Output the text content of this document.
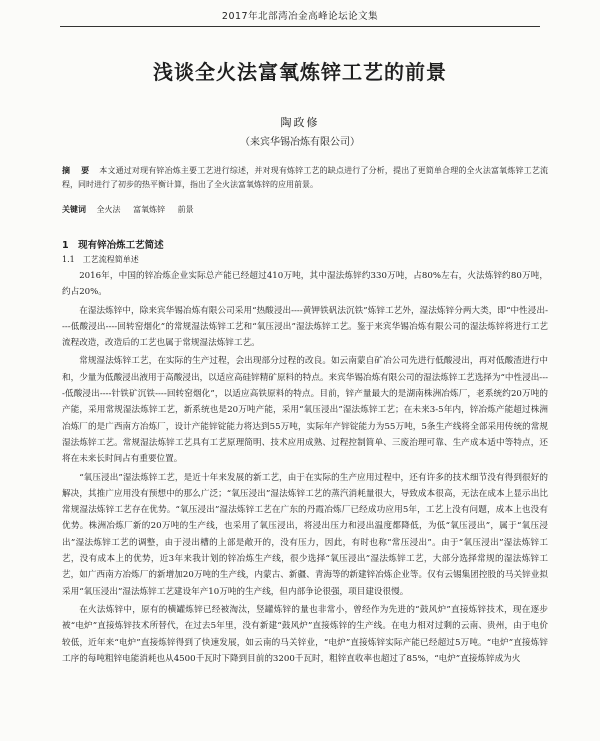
2017年北部湾冶金高峰论坛论文集
浅谈全火法富氧炼锌工艺的前景
陶政修
（来宾华锡冶炼有限公司）
摘 要 本文通过对现有锌冶炼主要工艺进行综述，并对现有炼锌工艺的缺点进行了分析，提出了更简单合理的全火法富氧炼锌工艺流程，同时进行了初步的热平衡计算，指出了全火法富氧炼锌的应用前景。
关键词 全火法 富氧炼锌 前景
1　现有锌冶炼工艺简述
1.1　工艺流程简单述

2016年，中国的锌冶炼企业实际总产能已经超过410万吨，其中湿法炼锌约330万吨，占80%左右，火法炼锌约80万吨，约占20%。

在湿法炼锌中，除来宾华锡冶炼有限公司采用“热酸浸出----黄钾铁矾法沉铁”炼锌工艺外，湿法炼锌分两大类，即“中性浸出----低酸浸出----回转窑烟化”的常规湿法炼锌工艺和“氧压浸出”湿法炼锌工艺。鉴于来宾华锡冶炼有限公司的湿法炼锌将进行工艺流程改造，改造后的工艺也属于常规湿法炼锌工艺。

常规湿法炼锌工艺，在实际的生产过程，会出现部分过程的改良。如云南蒙自矿冶公司先进行低酸浸出，再对低酸渣进行中和，少量为低酸浸出液用于高酸浸出，以适应高硅锌精矿原料的特点。来宾华锡冶炼有限公司的湿法炼锌工艺选择为“中性浸出----低酸浸出----针铁矿沉铁----回转窑烟化”，以适应高铁原料的特点。目前，锌产量最大的是湖南株洲冶炼厂，老系统约20万吨的产能，采用常规湿法炼锌工艺，新系统也是20万吨产能，采用“氧压浸出”湿法炼锌工艺；在未来3-5年内，锌冶炼产能超过株洲冶炼厂的是广西南方冶炼厂，设计产能锌锭能力将达到55万吨，实际年产锌锭能力为55万吨，5条生产线将全部采用传统的常规湿法炼锌工艺。常规湿法炼锌工艺具有工艺原理简明、技术应用成熟、过程控制简单、三废治理可靠、生产成本适中等特点，还将在未来长时间占有重要位置。

“氧压浸出”湿法炼锌工艺，是近十年来发展的新工艺，由于在实际的生产应用过程中，还有许多的技术细节没有得到很好的解决，其推广应用没有预想中的那么广泛；“氧压浸出”湿法炼锌工艺的蒸汽消耗量很大，导致成本很高，无法在成本上显示出比常规湿法炼锌工艺存在优势。“氧压浸出”湿法炼锌工艺在广东的丹霞冶炼厂已经成功应用5年，工艺上没有问题，成本上也没有优势。株洲冶炼厂新的20万吨的生产线，也采用了氧压浸出，将浸出压力和浸出温度都降低，为低“氧压浸出”，属于“氧压浸出”湿法炼锌工艺的调整，由于浸出槽的上部是敞开的，没有压力，因此，有时也称“常压浸出”。由于“氧压浸出”湿法炼锌工艺，没有成本上的优势，近3年来我计划的锌冶炼生产线，很少选择“氧压浸出”湿法炼锌工艺，大部分选择常规的湿法炼锌工艺，如广西南方冶炼厂的新增加20万吨的生产线，内蒙古、新疆、青海等的新建锌冶炼企业等。仅有云锡集团控股的马关锌业拟采用“氧压浸出”湿法炼锌工艺建设年产10万吨的生产线，但内部争论很强，项目建设很慢。

在火法炼锌中，原有的横罐炼锌已经被淘汰，竖罐炼锌的量也非常小，曾经作为先进的“鼓风炉”直接炼锌技术，现在逐步被“电炉”直接炼锌技术所替代，在过去5年里，没有新建“鼓风炉”直接炼锌的生产线。在电力相对过剩的云南、贵州，由于电价较低，近年来“电炉”直接炼锌得到了快速发展，如云南的马关锌业，“电炉”直接炼锌实际产能已经超过5万吨。“电炉”直接炼锌工序的每吨粗锌电能消耗也从4500千瓦时下降到目前的3200千瓦时，粗锌直收率也超过了85%，“电炉”直接炼锌成为火
